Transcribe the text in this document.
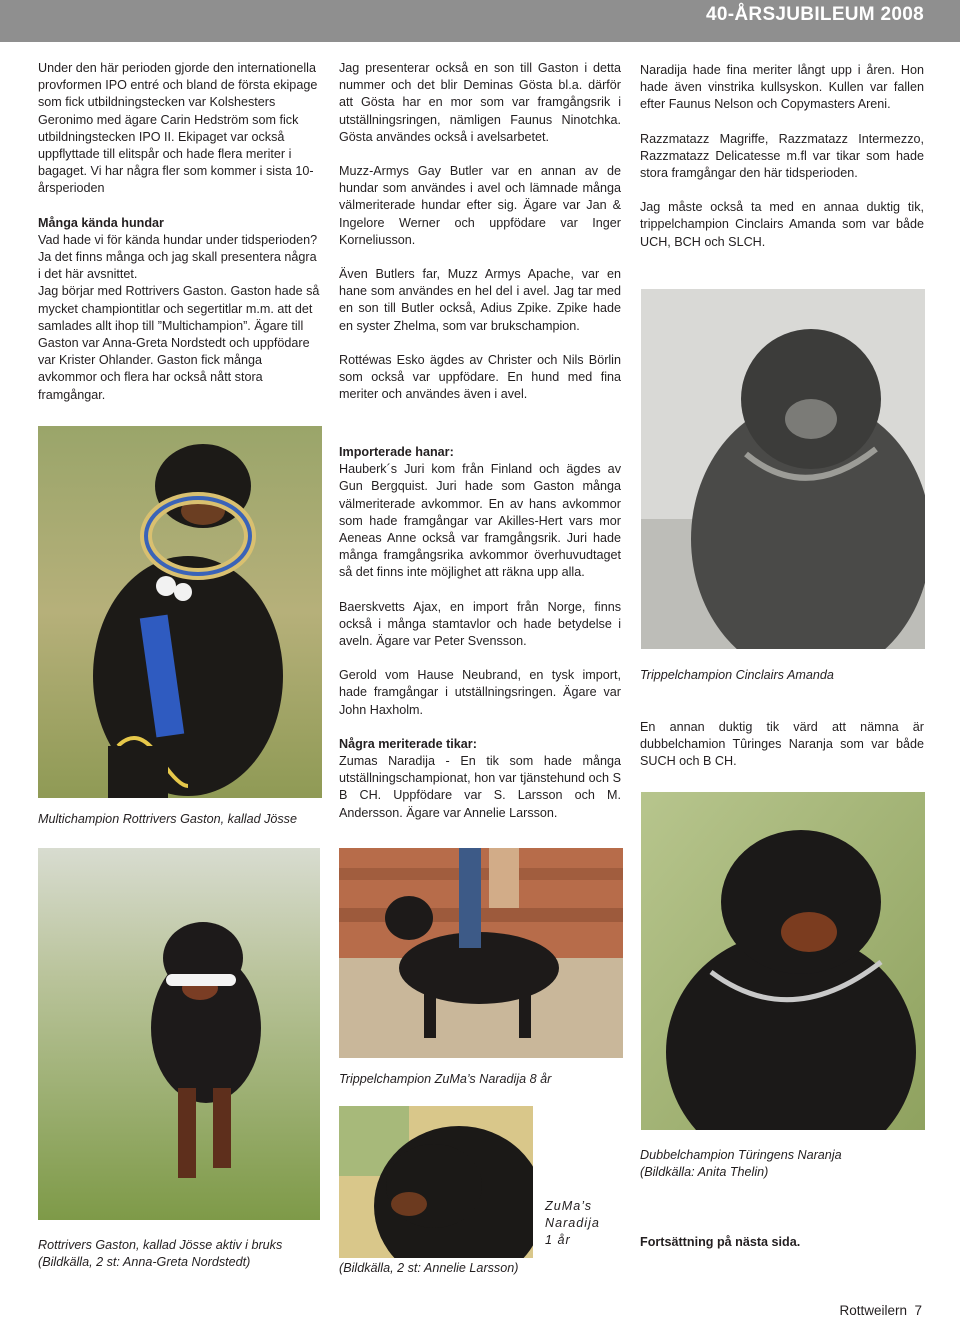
40-ÅRSJUBILEUM 2008

Under den här perioden gjorde den internationella provformen IPO entré och bland de första ekipage som fick utbildningstecken var Kolshesters Geronimo med ägare Carin Hedström som fick utbildningstecken IPO II. Ekipaget var också uppflyttade till elitspår och hade flera meriter i bagaget. Vi har några fler som kommer i sista 10-årsperioden

Många kända hundar

Vad hade vi för kända hundar under tidsperioden? Ja det finns många och jag skall presentera några i det här avsnittet.

Jag börjar med Rottrivers Gaston. Gaston hade så mycket championtitlar och segertitlar m.m. att det samlades allt ihop till ”Multichampion”. Ägare till Gaston var Anna-Greta Nordstedt och uppfödare var Krister Ohlander. Gaston fick många avkommor och flera har också nått stora framgångar.

Jag presenterar också en son till Gaston i detta nummer och det blir Deminas Gösta bl.a. därför att Gösta har en mor som var framgångsrik i utställningsringen, nämligen Faunus Ninotchka. Gösta användes också i avelsarbetet.

Muzz-Armys Gay Butler var en annan av de hundar som användes i avel och lämnade många välmeriterade hundar efter sig. Ägare var Jan & Ingelore Werner och uppfödare var Inger Korneliusson.

Även Butlers far, Muzz Armys Apache, var en hane som användes en hel del i avel. Jag tar med en son till Butler också, Adius Zpike. Zpike hade en syster Zhelma, som var brukschampion.

Rottéwas Esko ägdes av Christer och Nils Börlin som också var uppfödare. En hund med fina meriter och användes även i avel.

Importerade hanar:

Hauberk´s Juri kom från Finland och ägdes av Gun Bergquist. Juri hade som Gaston många välmeriterade avkommor. En av hans avkommor som hade framgångar var Akilles-Hert vars mor Aeneas Anne också var framgångsrik. Juri hade många framgångsrika avkommor överhuvudtaget så det finns inte möjlighet att räkna upp alla.

Baerskvetts Ajax, en import från Norge, finns också i många stamtavlor och hade betydelse i aveln. Ägare var Peter Svensson.

Gerold vom Hause Neubrand, en tysk import, hade framgångar i utställningsringen. Ägare var John Haxholm.

Några meriterade tikar:

Zumas Naradija - En tik som hade många utställningschampionat, hon var tjänstehund och S B CH. Uppfödare var S. Larsson och M. Andersson. Ägare var Annelie Larsson.

Naradija hade fina meriter långt upp i åren. Hon hade även vinstrika kullsyskon. Kullen var fallen efter Faunus Nelson och Copymasters Areni.

Razzmatazz Magriffe, Razzmatazz Intermezzo, Razzmatazz Delicatesse m.fl var tikar som hade stora framgångar den här tidsperioden.

Jag måste också ta med en annaa duktig tik, trippelchampion Cinclairs Amanda som var både UCH, BCH och SLCH.

Multichampion Rottrivers Gaston, kallad Jösse
Rottrivers Gaston, kallad Jösse aktiv i bruks
(Bildkälla, 2 st: Anna-Greta Nordstedt)
Trippelchampion Cinclairs Amanda

En annan duktig tik värd att nämna är dubbelchamion Tûringes Naranja som var både SUCH och B CH.

Trippelchampion ZuMa’s Naradija 8 år
ZuMa’s
Naradija
1 år
(Bildkälla, 2 st: Annelie Larsson)
Dubbelchampion Türingens Naranja
(Bildkälla: Anita Thelin)
Fortsättning på nästa sida.
Rottweilern  7
